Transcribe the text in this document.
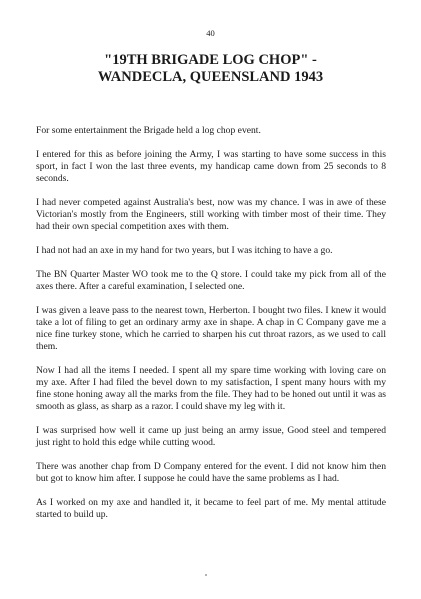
40
"19TH BRIGADE LOG CHOP" -
WANDECLA, QUEENSLAND 1943

For some entertainment the Brigade held a log chop event.

I entered for this as before joining the Army, I was starting to have some success in this sport, in fact I won the last three events, my handicap came down from 25 seconds to 8 seconds.

I had never competed against Australia's best, now was my chance. I was in awe of these Victorian's mostly from the Engineers, still working with timber most of their time. They had their own special competition axes with them.

I had not had an axe in my hand for two years, but I was itching to have a go.

The BN Quarter Master WO took me to the Q store. I could take my pick from all of the axes there. After a careful examination, I selected one.

I was given a leave pass to the nearest town, Herberton. I bought two files. I knew it would take a lot of filing to get an ordinary army axe in shape. A chap in C Company gave me a nice fine turkey stone, which he carried to sharpen his cut throat razors, as we used to call them.

Now I had all the items I needed. I spent all my spare time working with loving care on my axe. After I had filed the bevel down to my satisfaction, I spent many hours with my fine stone honing away all the marks from the file. They had to be honed out until it was as smooth as glass, as sharp as a razor. I could shave my leg with it.

I was surprised how well it came up just being an army issue, Good steel and tempered just right to hold this edge while cutting wood.

There was another chap from D Company entered for the event. I did not know him then but got to know him after. I suppose he could have the same problems as I had.

As I worked on my axe and handled it, it became to feel part of me. My mental attitude started to build up.
